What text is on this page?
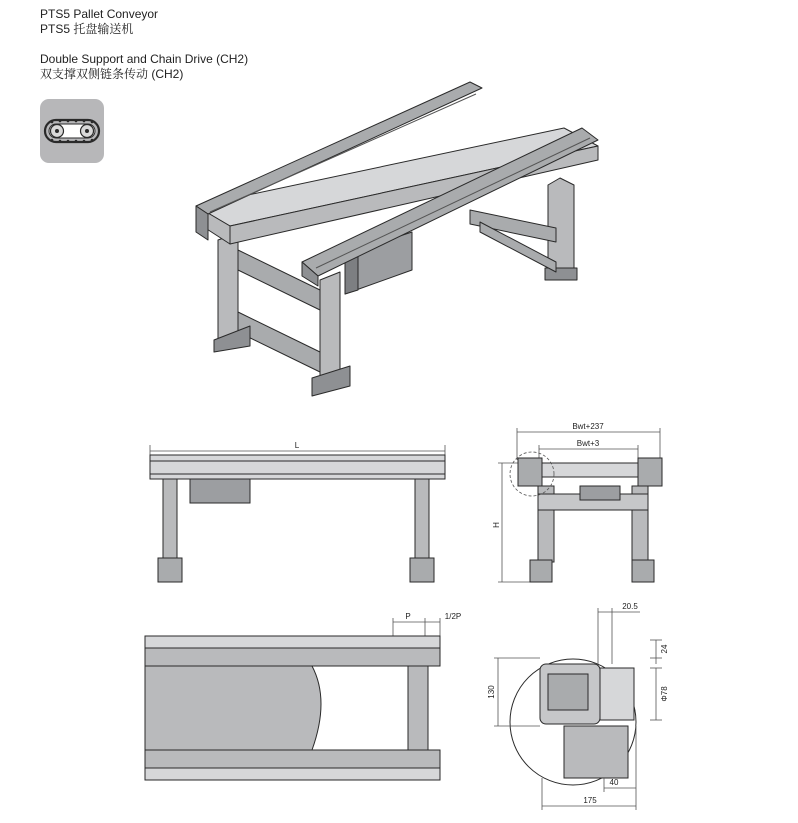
PTS5 Pallet Conveyor
PTS5 托盘输送机
Double Support and Chain Drive (CH2)
双支撑双侧链条传动 (CH2)
L
Bwt+237
Bwt+3
H
P	1/2P
20.5
24
130	Φ78
40
175
